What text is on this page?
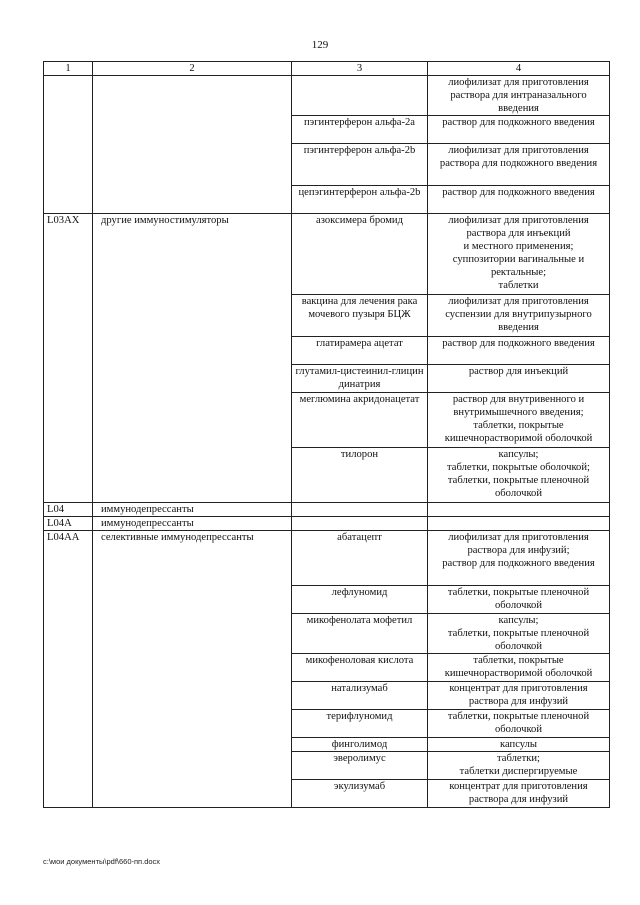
129
1	2	3	4
			лиофилизат для приготовления раствора для интраназального введения
		пэгинтерферон альфа-2a	раствор для подкожного введения
		пэгинтерферон альфа-2b	лиофилизат для приготовления раствора для подкожного введения
		цепэгинтерферон альфа-2b	раствор для подкожного введения
L03AX	другие иммуностимуляторы	азоксимера бромид	лиофилизат для приготовления раствора для инъекций
и местного применения;
суппозитории вагинальные и ректальные;
таблетки
		вакцина для лечения рака мочевого пузыря БЦЖ	лиофилизат для приготовления суспензии для внутрипузырного введения
		глатирамера ацетат	раствор для подкожного введения
		глутамил-цистеинил-глицин динатрия	раствор для инъекций
		меглюмина акридонацетат	раствор для внутривенного и внутримышечного введения;
таблетки, покрытые кишечнорастворимой оболочкой
		тилорон	капсулы;
таблетки, покрытые оболочкой;
таблетки, покрытые пленочной оболочкой
L04	иммунодепрессанты		
L04A	иммунодепрессанты		
L04AA	селективные иммунодепрессанты	абатацепт	лиофилизат для приготовления раствора для инфузий;
раствор для подкожного введения
		лефлуномид	таблетки, покрытые пленочной оболочкой
		микофенолата мофетил	капсулы;
таблетки, покрытые пленочной оболочкой
		микофеноловая кислота	таблетки, покрытые кишечнорастворимой оболочкой
		натализумаб	концентрат для приготовления раствора для инфузий
		терифлуномид	таблетки, покрытые пленочной оболочкой
		финголимод	капсулы
		эверолимус	таблетки;
таблетки диспергируемые
		экулизумаб	концентрат для приготовления раствора для инфузий
c:\мои документы\pdf\660-пп.docx
